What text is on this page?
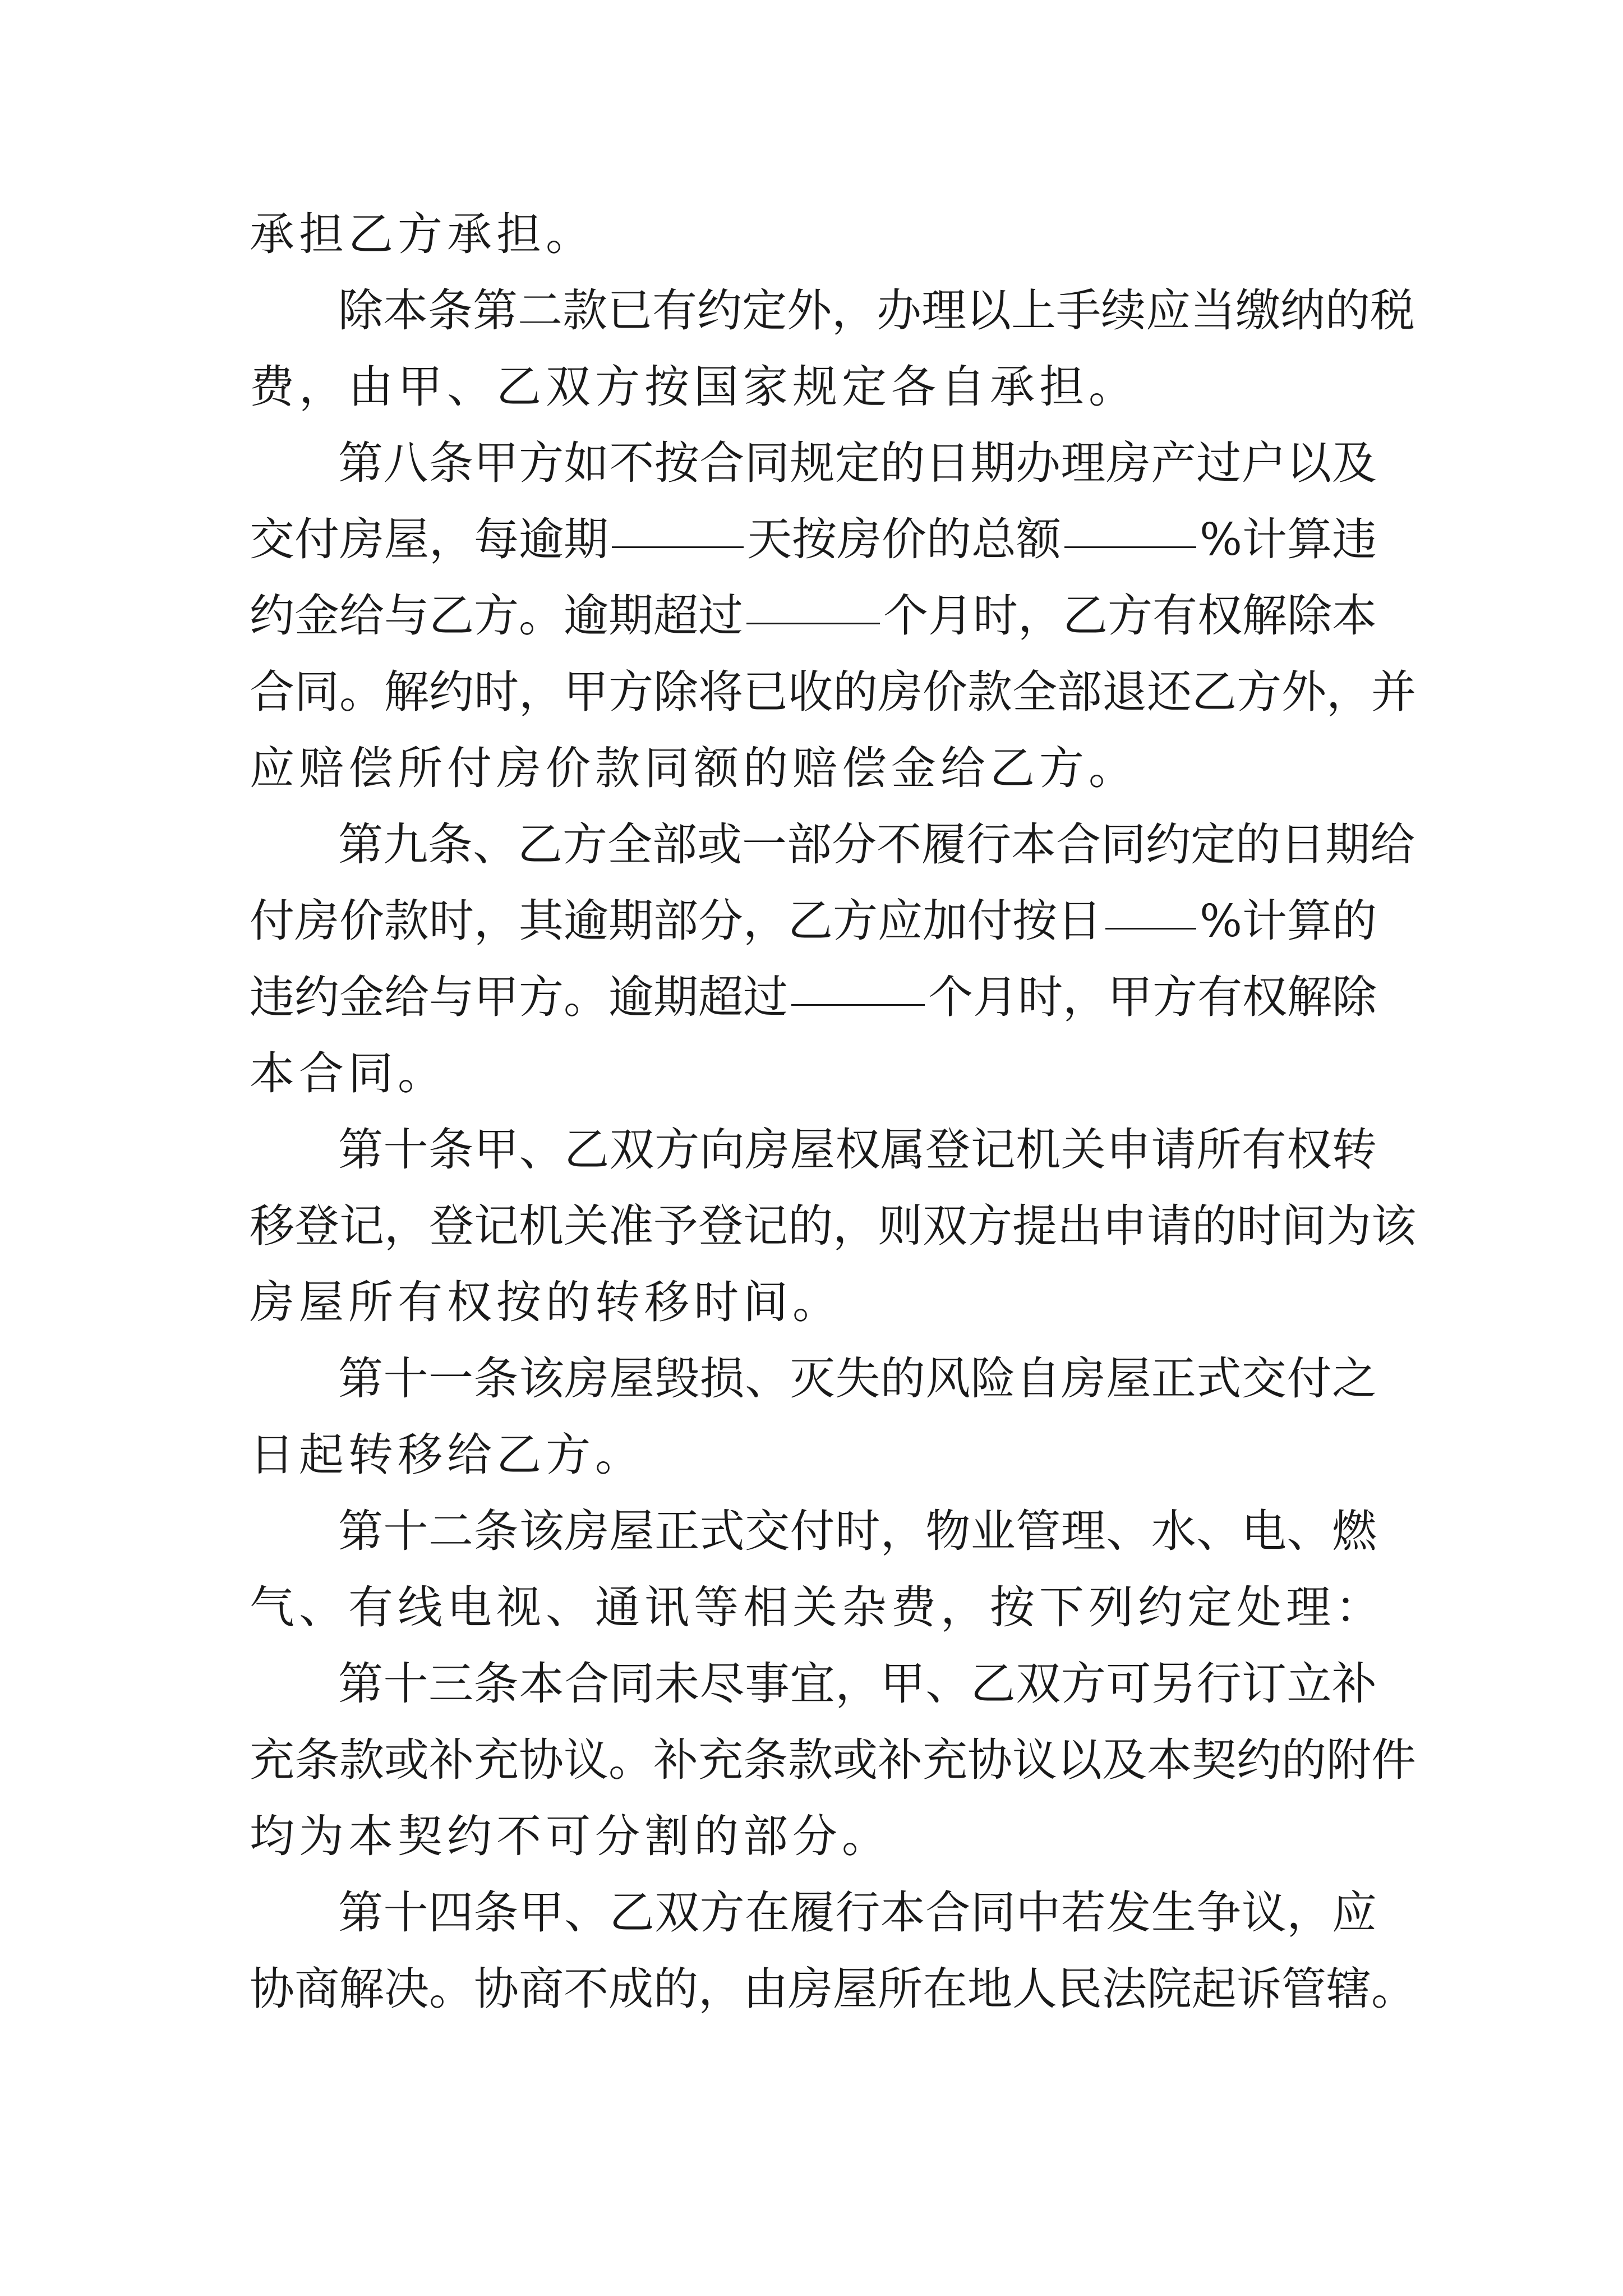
承担乙方承担。
除 本 条 第 二 款 已 有 约 定 外 ， 办 理 以 上 手 续 应 当 缴 纳 的 税
费，由甲、乙双方按国家规定各自承担。
第 八 条 甲 方 如 不 按 合 同 规 定 的 日 期 办 理 房 产 过 户 以 及
交 付 房 屋 ， 每 逾 期	天 按 房 价 的 总 额	% 计 算 违
约 金 给 与 乙 方 。 逾 期 超 过	个 月 时 ， 乙 方 有 权 解 除 本
合 同 。 解 约 时 ， 甲 方 除 将 已 收 的 房 价 款 全 部 退 还 乙 方 外 ， 并
应赔偿所付房价款同额的赔偿金给乙方。
第 九 条 、 乙 方 全 部 或 一 部 分 不 履 行 本 合 同 约 定 的 日 期 给
付 房 价 款 时 ， 其 逾 期 部 分 ， 乙 方 应 加 付 按 日 % 计 算 的
违 约 金 给 与 甲 方 。 逾 期 超 过	个 月 时 ， 甲 方 有 权 解 除
本合同。
第 十 条 甲 、 乙 双 方 向 房 屋 权 属 登 记 机 关 申 请 所 有 权 转
移 登 记 ， 登 记 机 关 准 予 登 记 的 ， 则 双 方 提 出 申 请 的 时 间 为 该
房屋所有权按的转移时间。
第 十 一 条 该 房 屋 毁 损 、 灭 失 的 风 险 自 房 屋 正 式 交 付 之
日起转移给乙方。
第 十 二 条 该 房 屋 正 式 交 付 时 ， 物 业 管 理 、 水 、 电 、 燃
气、有线电视、通讯等相关杂费，按下列约定处理：
第 十 三 条 本 合 同 未 尽 事 宜 ， 甲 、 乙 双 方 可 另 行 订 立 补
充 条 款 或 补 充 协 议 。 补 充 条 款 或 补 充 协 议 以 及 本 契 约 的 附 件
均为本契约不可分割的部分。
第 十 四 条 甲 、 乙 双 方 在 履 行 本 合 同 中 若 发 生 争 议 ， 应
协 商 解 决 。 协 商 不 成 的 ， 由 房 屋 所 在 地 人 民 法 院 起 诉 管 辖 。
